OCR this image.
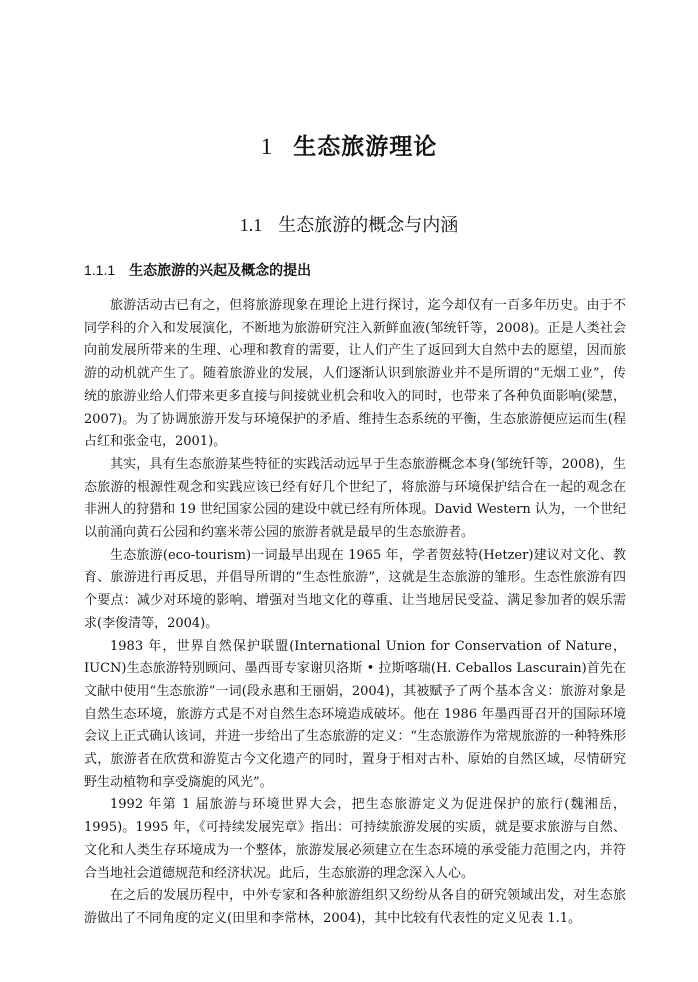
1 生态旅游理论
1.1 生态旅游的概念与内涵
1.1.1 生态旅游的兴起及概念的提出

旅游活动古已有之，但将旅游现象在理论上进行探讨，迄今却仅有一百多年历史。由于不同学科的介入和发展演化，不断地为旅游研究注入新鲜血液(邹统钎等，2008)。正是人类社会向前发展所带来的生理、心理和教育的需要，让人们产生了返回到大自然中去的愿望，因而旅游的动机就产生了。随着旅游业的发展，人们逐渐认识到旅游业并不是所谓的“无烟工业”，传统的旅游业给人们带来更多直接与间接就业机会和收入的同时，也带来了各种负面影响(梁慧，2007)。为了协调旅游开发与环境保护的矛盾、维持生态系统的平衡，生态旅游便应运而生(程占红和张金屯，2001)。

其实，具有生态旅游某些特征的实践活动远早于生态旅游概念本身(邹统钎等，2008)，生态旅游的根源性观念和实践应该已经有好几个世纪了，将旅游与环境保护结合在一起的观念在非洲人的狩猎和 19 世纪国家公园的建设中就已经有所体现。David Western 认为，一个世纪以前涌向黄石公园和约塞米蒂公园的旅游者就是最早的生态旅游者。

生态旅游(eco-tourism)一词最早出现在 1965 年，学者贺兹特(Hetzer)建议对文化、教育、旅游进行再反思，并倡导所谓的“生态性旅游”，这就是生态旅游的雏形。生态性旅游有四个要点：减少对环境的影响、增强对当地文化的尊重、让当地居民受益、满足参加者的娱乐需求(李俊清等，2004)。

1983 年，世界自然保护联盟(International Union for Conservation of Nature，IUCN)生态旅游特别顾问、墨西哥专家谢贝洛斯 • 拉斯喀瑞(H. Ceballos Lascurain)首先在文献中使用“生态旅游”一词(段永惠和王丽娟，2004)，其被赋予了两个基本含义：旅游对象是自然生态环境，旅游方式是不对自然生态环境造成破坏。他在 1986 年墨西哥召开的国际环境会议上正式确认该词，并进一步给出了生态旅游的定义：“生态旅游作为常规旅游的一种特殊形式，旅游者在欣赏和游览古今文化遗产的同时，置身于相对古朴、原始的自然区域，尽情研究野生动植物和享受旖旎的风光”。

1992 年第 1 届旅游与环境世界大会，把生态旅游定义为促进保护的旅行(魏湘岳，1995)。1995 年，《可持续发展宪章》指出：可持续旅游发展的实质，就是要求旅游与自然、文化和人类生存环境成为一个整体，旅游发展必须建立在生态环境的承受能力范围之内，并符合当地社会道德规范和经济状况。此后，生态旅游的理念深入人心。

在之后的发展历程中，中外专家和各种旅游组织又纷纷从各自的研究领域出发，对生态旅游做出了不同角度的定义(田里和李常林，2004)，其中比较有代表性的定义见表 1.1。
